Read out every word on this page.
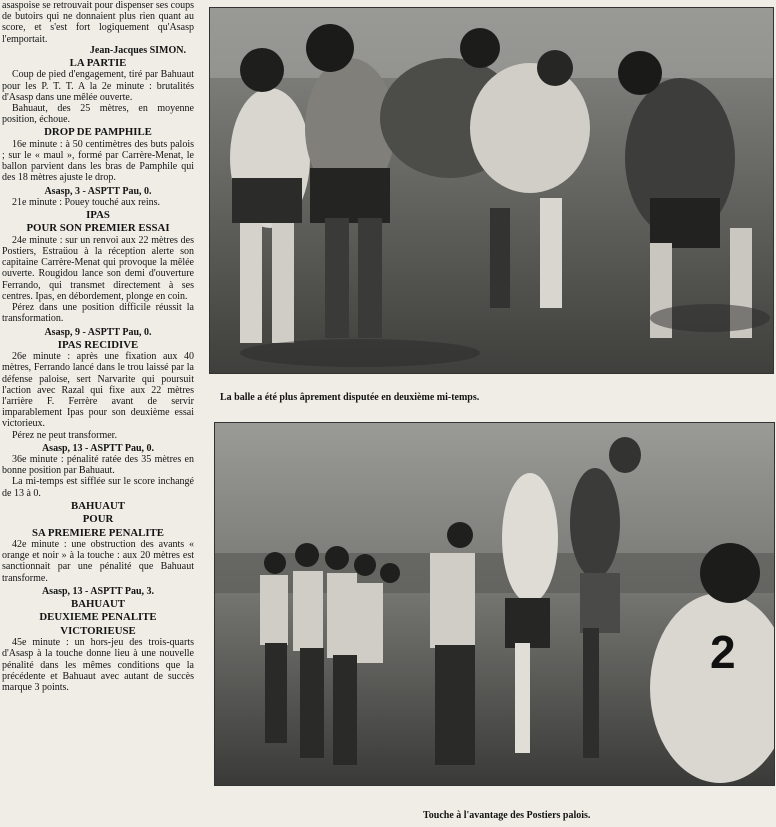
asaspoise se retrouvait pour dispenser ses coups de butoirs qui ne donnaient plus rien quant au score, et s'est fort logiquement qu'Asasp l'emportait.

Jean-Jacques SIMON.

LA PARTIE

Coup de pied d'engagement, tiré par Bahuaut pour les P. T. T. A la 2e minute : brutalités d'Asasp dans une mêlée ouverte.

Bahuaut, des 25 mètres, en moyenne position, échoue.

DROP DE PAMPHILE

16e minute : à 50 centimètres des buts palois ; sur le « maul », formé par Carrère-Menat, le ballon parvient dans les bras de Pamphile qui des 18 mètres ajuste le drop.

Asasp, 3 - ASPTT Pau, 0.

21e minute : Pouey touché aux reins.

IPAS

POUR SON PREMIER ESSAI

24e minute : sur un renvoi aux 22 mètres des Postiers, Estraüou à la réception alerte son capitaine Carrère-Menat qui provoque la mêlée ouverte. Rougidou lance son demi d'ouverture Ferrando, qui transmet directement à ses centres. Ipas, en débordement, plonge en coin.

Pérez dans une position difficile réussit la transformation.

Asasp, 9 - ASPTT Pau, 0.

IPAS RECIDIVE

26e minute : après une fixation aux 40 mètres, Ferrando lancé dans le trou laissé par la défense paloise, sert Narvarite qui poursuit l'action avec Razal qui fixe aux 22 mètres l'arrière F. Ferrère avant de servir imparablement Ipas pour son deuxième essai victorieux.

Pérez ne peut transformer.

Asasp, 13 - ASPTT Pau, 0.

36e minute : pénalité ratée des 35 mètres en bonne position par Bahuaut.

La mi-temps est sifflée sur le score inchangé de 13 à 0.

BAHUAUT

POUR

SA PREMIERE PENALITE

42e minute : une obstruction des avants « orange et noir » à la touche : aux 20 mètres est sanctionnait par une pénalité que Bahuaut transforme.

Asasp, 13 - ASPTT Pau, 3.

BAHUAUT

DEUXIEME PENALITE

VICTORIEUSE

45e minute : un hors-jeu des trois-quarts d'Asasp à la touche donne lieu à une nouvelle pénalité dans les mêmes conditions que la précédente et Bahuaut avec autant de succès marque 3 points.

La balle a été plus âprement disputée en deuxième mi-temps.
2
Touche à l'avantage des Postiers palois.
